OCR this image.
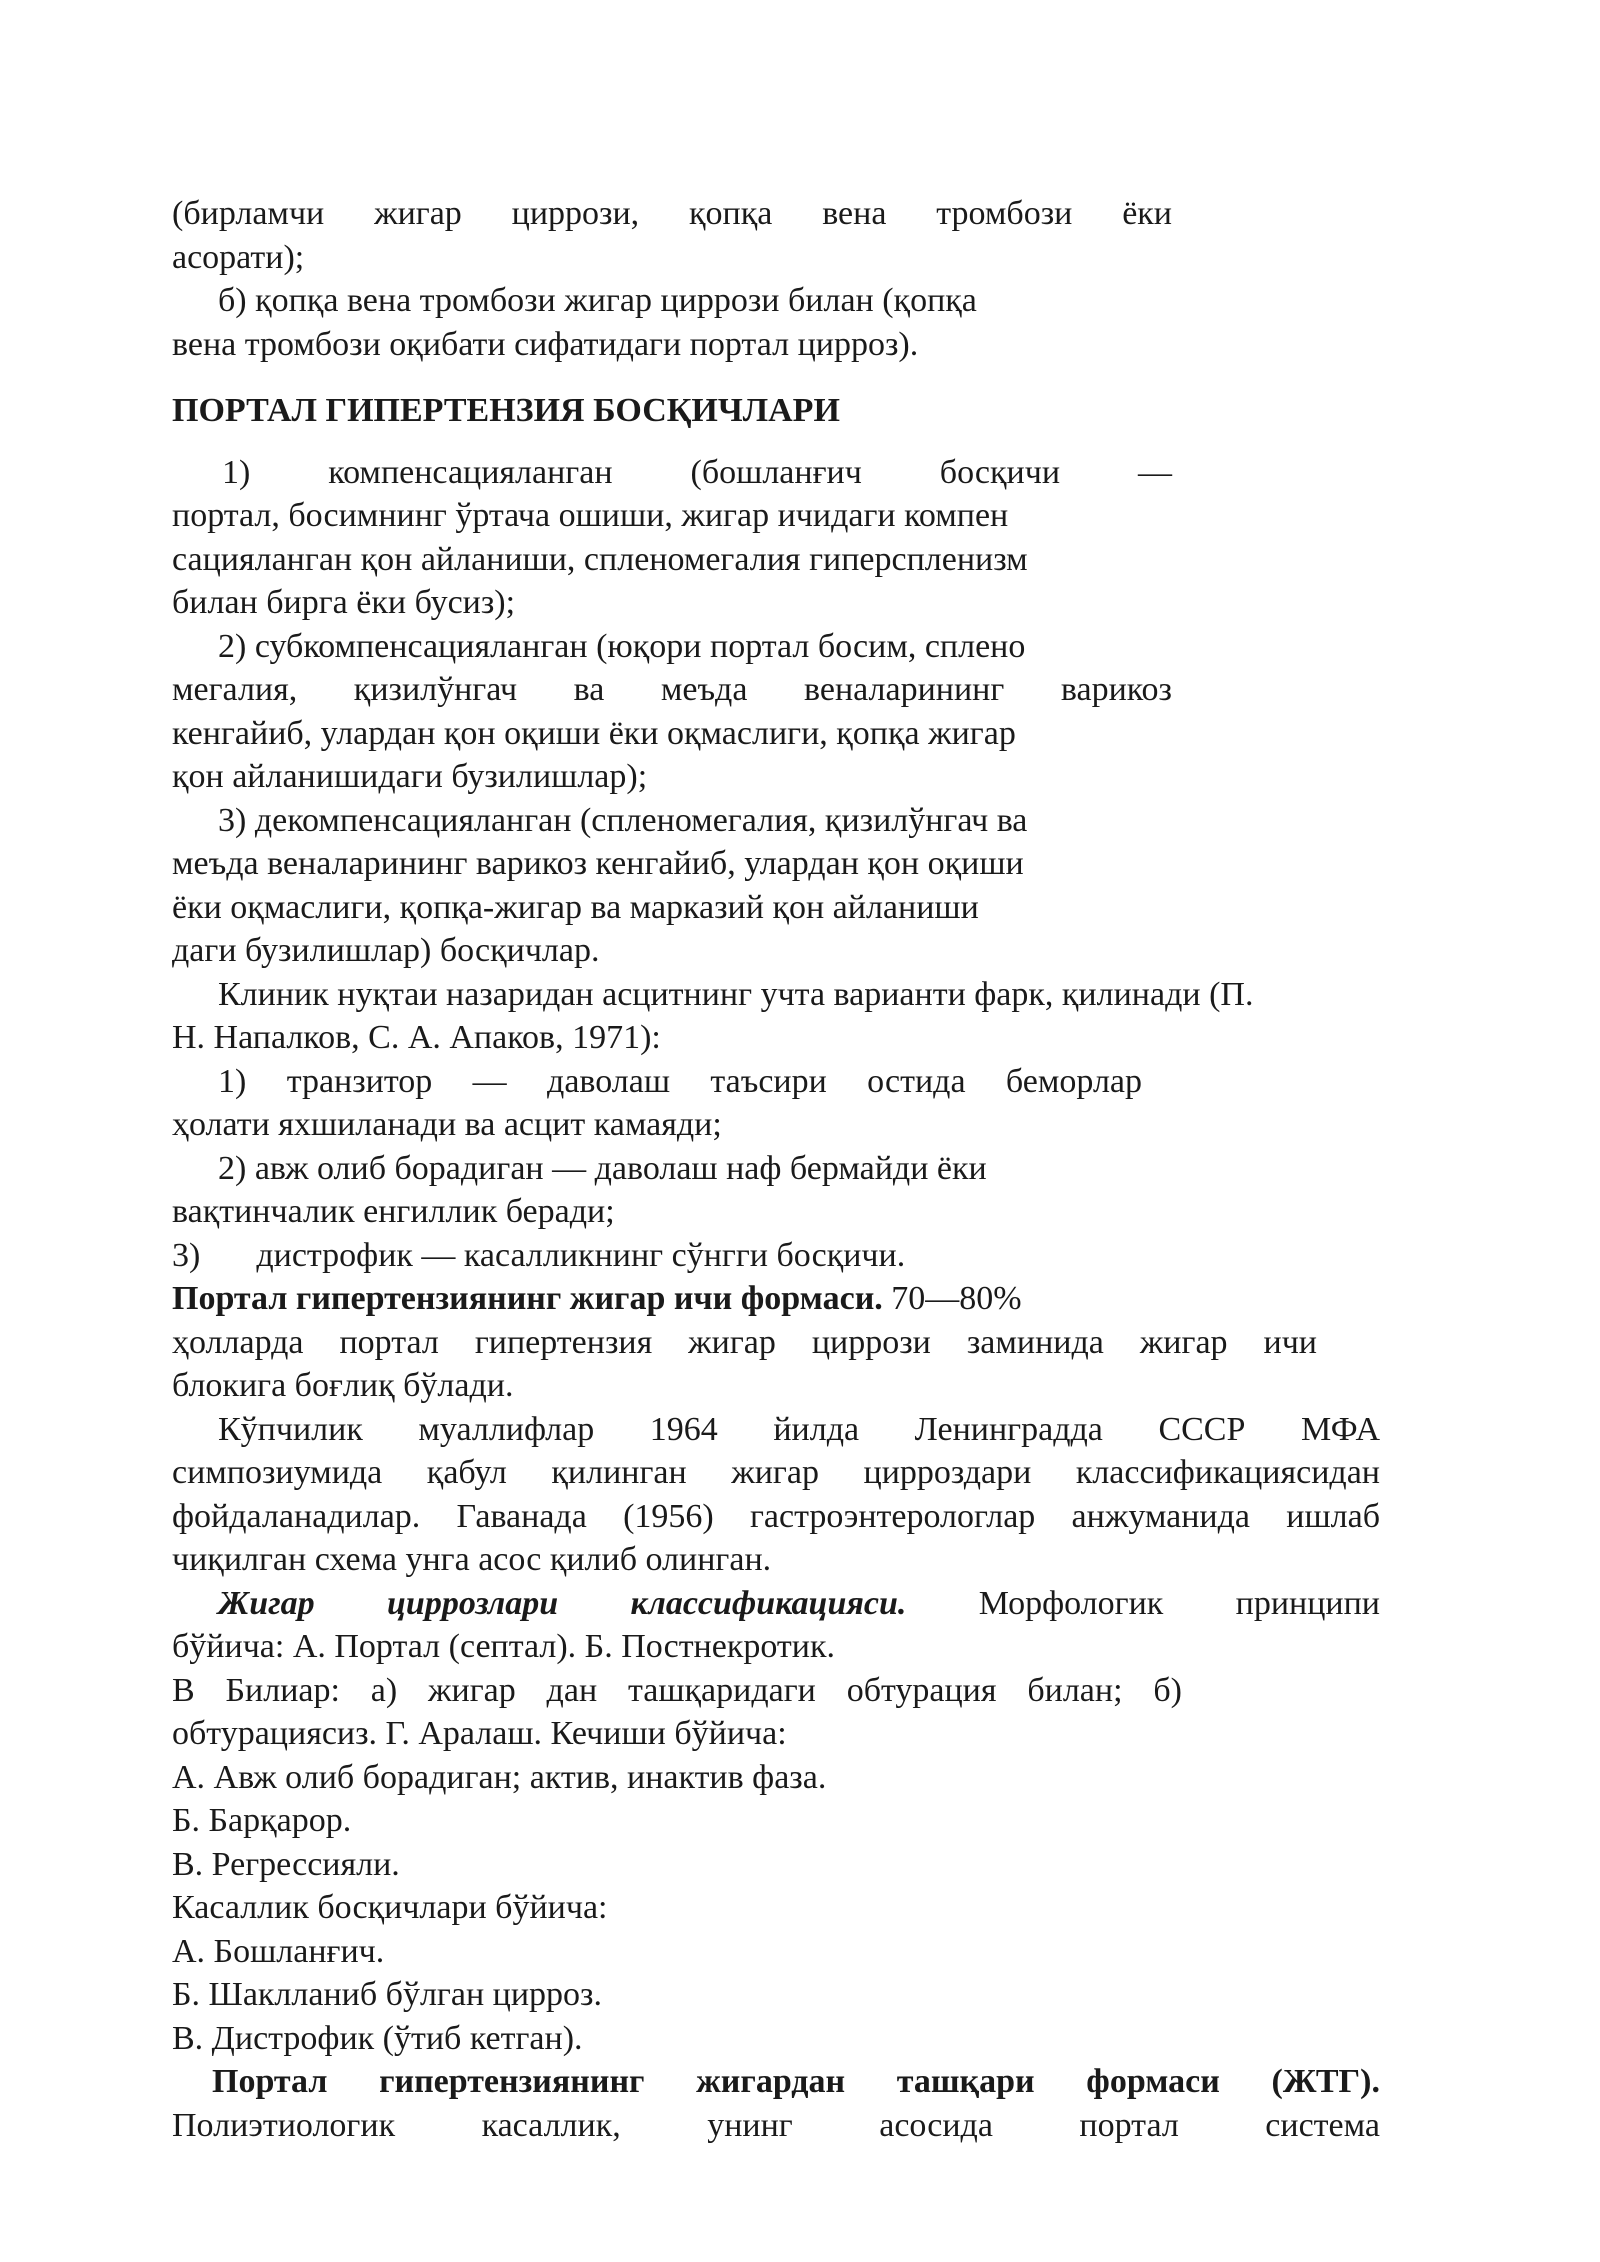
(бирламчи жигар циррози, қопқа вена тромбози ёки

асорати);

б) қопқа вена тромбози жигар циррози билан (қопқа

вена тромбози оқибати сифатидаги портал цирроз).

ПОРТАЛ ГИПЕРТЕНЗИЯ БОСҚИЧЛАРИ

1) компенсацияланган (бошланғич босқичи —

портал, босимнинг ўртача ошиши, жигар ичидаги компен

сацияланган қон айланиши, спленомегалия гиперспленизм

билан бирга ёки бусиз);

2) субкомпенсацияланган (юқори портал босим, сплено

мегалия, қизилўнгач ва меъда веналарининг варикоз

кенгайиб, улардан қон оқиши ёки оқмаслиги, қопқа жигар

қон айланишидаги бузилишлар);

3) декомпенсацияланган (спленомегалия, қизилўнгач ва

меъда веналарининг варикоз кенгайиб, улардан қон оқиши

ёки оқмаслиги, қопқа-жигар ва марказий қон айланиши

даги бузилишлар) босқичлар.

Клиник нуқтаи назаридан асцитнинг учта варианти фарк, қилинади (П.

Н. Напалков, С. А. Апаков, 1971):

1) транзитор — даволаш таъсири остида беморлар

ҳолати яхшиланади ва асцит камаяди;

2) авж олиб борадиган — даволаш наф бермайди ёки

вақтинчалик енгиллик беради;

3) дистрофик — касалликнинг сўнгги босқичи.

Портал гипертензиянинг жигар ичи формаси. 70—80%

ҳолларда портал гипертензия жигар циррози заминида жигар ичи

блокига боғлиқ бўлади.

Кўпчилик муаллифлар 1964 йилда Ленинградда СССР МФА

симпозиумида қабул қилинган жигар цирроздари классификациясидан

фойдаланадилар. Гаванада (1956) гастроэнтерологлар анжуманида ишлаб

чиқилган схема унга асос қилиб олинган.

Жигар циррозлари классификацияси. Морфологик принципи

бўйича: А. Портал (септал). Б. Постнекротик.

В Билиар: а) жигар дан ташқаридаги обтурация билан; б)

обтурациясиз. Г. Аралаш. Кечиши бўйича:

А. Авж олиб борадиган; актив, инактив фаза.

Б. Барқарор.

В. Регрессияли.

Касаллик босқичлари бўйича:

А. Бошланғич.

Б. Шаклланиб бўлган цирроз.

В. Дистрофик (ўтиб кетган).

Портал гипертензиянинг жигардан ташқари формаси (ЖТГ).

Полиэтиологик касаллик, унинг асосида портал система
